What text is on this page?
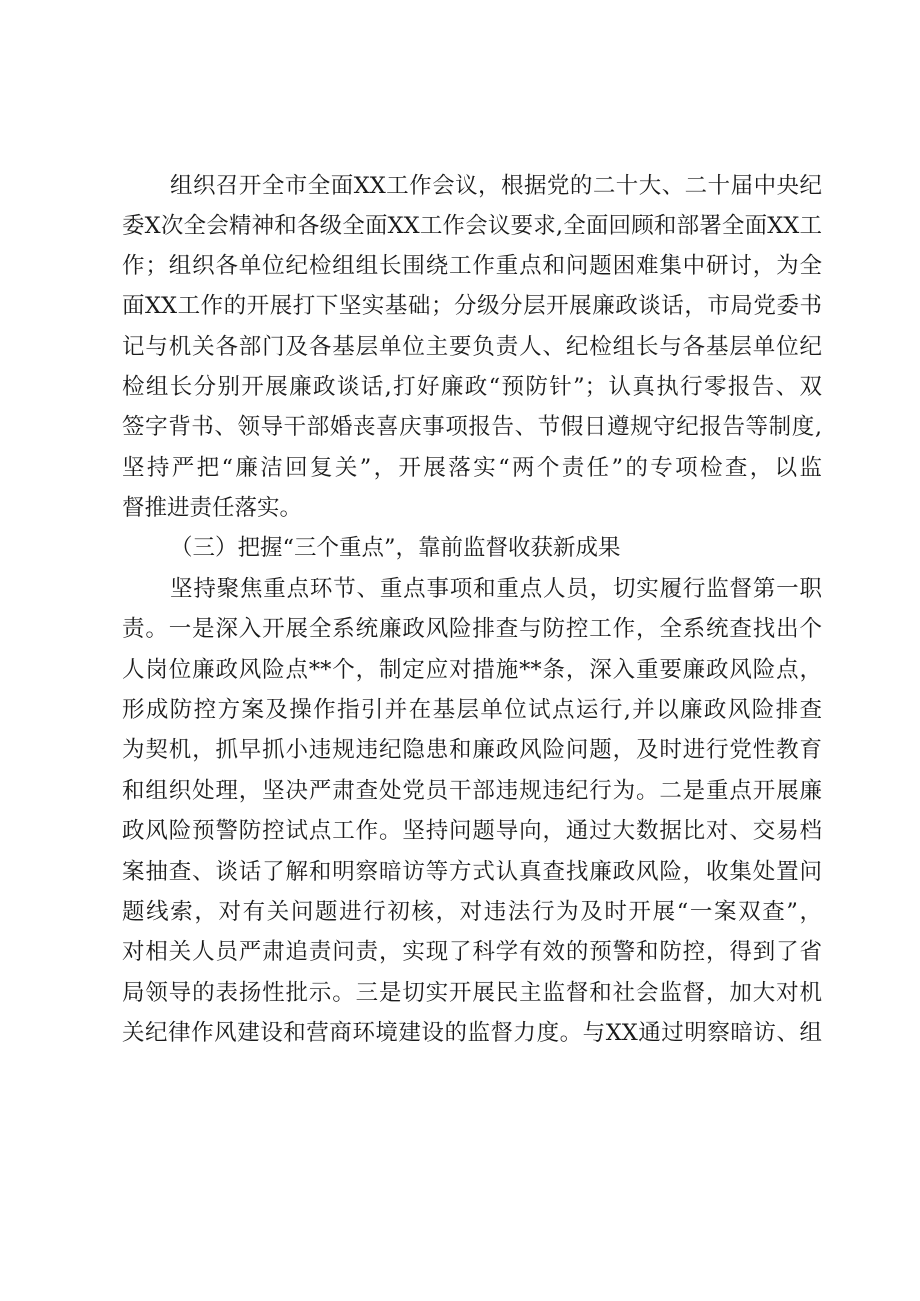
组织召开全市全面XX工作会议，根据党的二十大、二十届中央纪
委X次全会精神和各级全面XX工作会议要求,全面回顾和部署全面XX工
作；组织各单位纪检组组长围绕工作重点和问题困难集中研讨，为全
面XX工作的开展打下坚实基础；分级分层开展廉政谈话，市局党委书
记与机关各部门及各基层单位主要负责人、纪检组长与各基层单位纪
检组长分别开展廉政谈话,打好廉政“预防针”；认真执行零报告、双
签字背书、领导干部婚丧喜庆事项报告、节假日遵规守纪报告等制度,
坚持严把“廉洁回复关”，开展落实“两个责任”的专项检查，以监
督推进责任落实。
（三）把握“三个重点”，靠前监督收获新成果
坚持聚焦重点环节、重点事项和重点人员，切实履行监督第一职
责。一是深入开展全系统廉政风险排查与防控工作，全系统查找出个
人岗位廉政风险点**个，制定应对措施**条，深入重要廉政风险点，
形成防控方案及操作指引并在基层单位试点运行,并以廉政风险排查
为契机，抓早抓小违规违纪隐患和廉政风险问题，及时进行党性教育
和组织处理，坚决严肃查处党员干部违规违纪行为。二是重点开展廉
政风险预警防控试点工作。坚持问题导向，通过大数据比对、交易档
案抽查、谈话了解和明察暗访等方式认真查找廉政风险，收集处置问
题线索，对有关问题进行初核，对违法行为及时开展“一案双查”，
对相关人员严肃追责问责，实现了科学有效的预警和防控，得到了省
局领导的表扬性批示。三是切实开展民主监督和社会监督，加大对机
关纪律作风建设和营商环境建设的监督力度。与XX通过明察暗访、组
